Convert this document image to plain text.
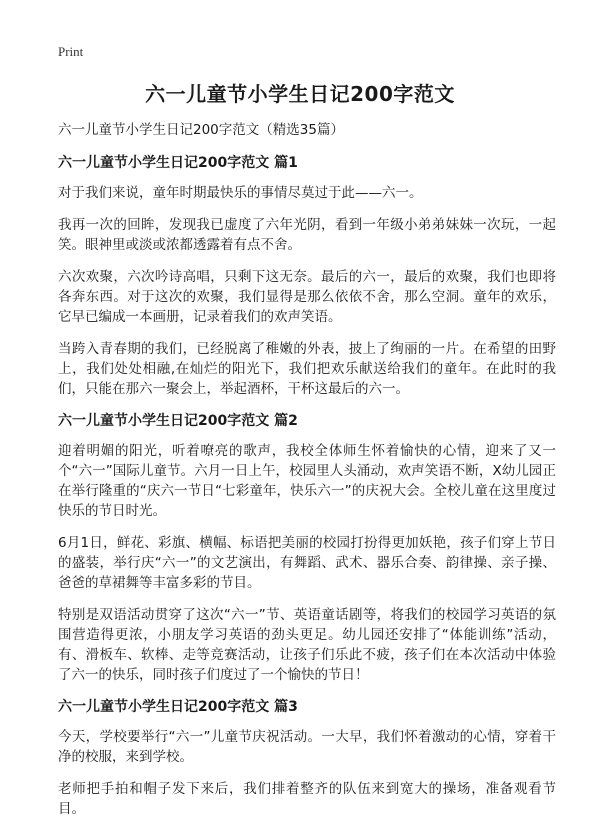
Print
六一儿童节小学生日记200字范文
六一儿童节小学生日记200字范文（精选35篇）
六一儿童节小学生日记200字范文 篇1

对于我们来说，童年时期最快乐的事情尽莫过于此——六一。

我再一次的回眸，发现我已虚度了六年光阴，看到一年级小弟弟妹妹一次玩，一起笑。眼神里或淡或浓都透露着有点不舍。

六次欢聚，六次吟诗高唱，只剩下这无奈。最后的六一，最后的欢聚，我们也即将各奔东西。对于这次的欢聚，我们显得是那么依依不舍，那么空洞。童年的欢乐，它早已编成一本画册，记录着我们的欢声笑语。

当跨入青春期的我们，已经脱离了稚嫩的外表，披上了绚丽的一片。在希望的田野上，我们处处相融,在灿烂的阳光下，我们把欢乐献送给我们的童年。在此时的我们，只能在那六一聚会上，举起酒杯，干杯这最后的六一。

六一儿童节小学生日记200字范文 篇2

迎着明媚的阳光，听着嘹亮的歌声，我校全体师生怀着愉快的心情，迎来了又一个“六一”国际儿童节。六月一日上午，校园里人头涌动，欢声笑语不断，X幼儿园正在举行隆重的“庆六一节日“七彩童年，快乐六一”的庆祝大会。全校儿童在这里度过快乐的节日时光。

6月1日，鲜花、彩旗、横幅、标语把美丽的校园打扮得更加妖艳，孩子们穿上节日的盛装，举行庆“六一”的文艺演出，有舞蹈、武术、器乐合奏、韵律操、亲子操、爸爸的草裙舞等丰富多彩的节目。

特别是双语活动贯穿了这次“六一”节、英语童话剧等，将我们的校园学习英语的氛围营造得更浓，小朋友学习英语的劲头更足。幼儿园还安排了“体能训练”活动，有、滑板车、软棒、走等竞赛活动，让孩子们乐此不疲，孩子们在本次活动中体验了六一的快乐，同时孩子们度过了一个愉快的节日！

六一儿童节小学生日记200字范文 篇3

今天，学校要举行“六一”儿童节庆祝活动。一大早，我们怀着激动的心情，穿着干净的校服，来到学校。

老师把手拍和帽子发下来后，我们排着整齐的队伍来到宽大的操场，准备观看节目。
